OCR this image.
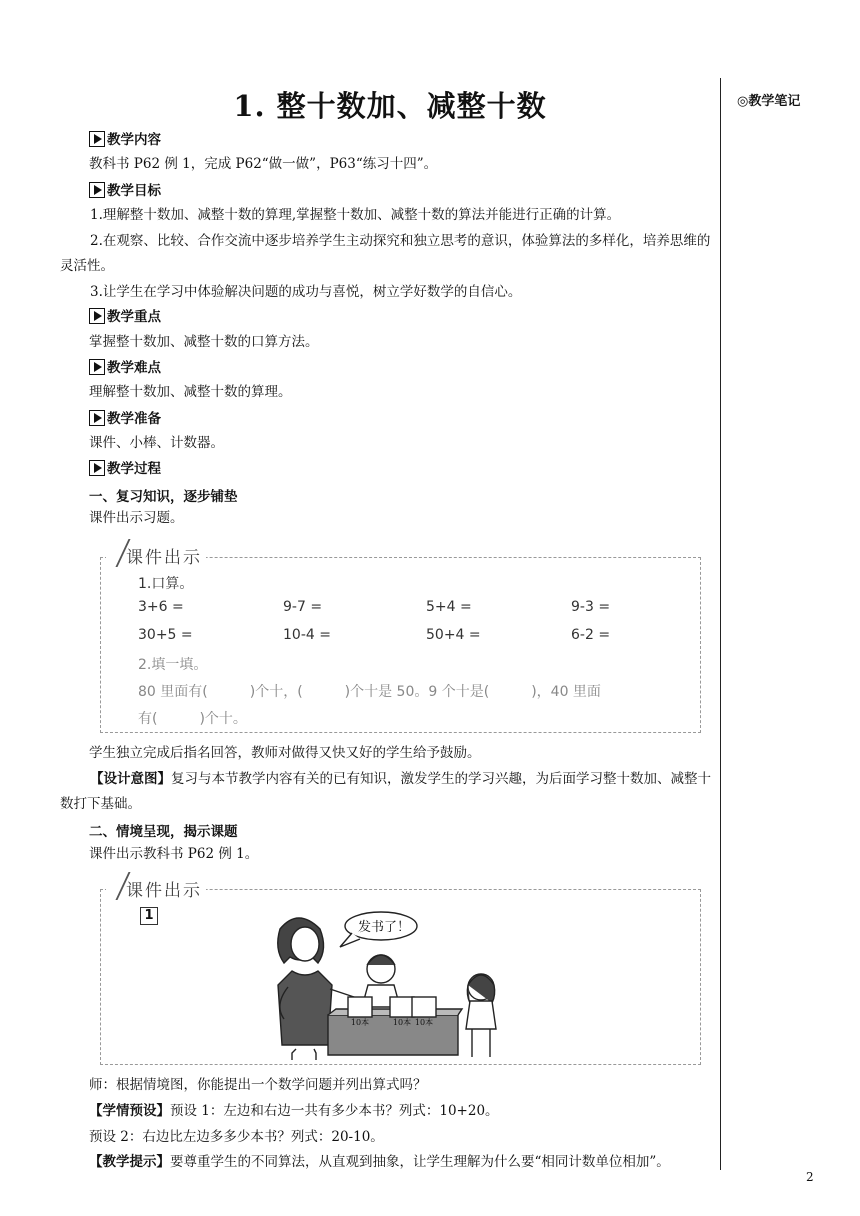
◎教学笔记
2
1. 整十数加、减整十数
教学内容

教科书 P62 例 1，完成 P62“做一做”，P63“练习十四”。

教学目标

1.理解整十数加、减整十数的算理,掌握整十数加、减整十数的算法并能进行正确的计算。

2.在观察、比较、合作交流中逐步培养学生主动探究和独立思考的意识，体验算法的多样化，培养思维的灵活性。

3.让学生在学习中体验解决问题的成功与喜悦，树立学好数学的自信心。

教学重点

掌握整十数加、减整十数的口算方法。

教学难点

理解整十数加、减整十数的算理。

教学准备

课件、小棒、计数器。

教学过程
一、复习知识，逐步铺垫

课件出示习题。

课件出示
1.口算。
3+6 =	9-7 =	5+4 =	9-3 =
30+5 =	10-4 =	50+4 =	6-2 =
2.填一填。
80 里面有(　　　)个十，(　　　)个十是 50。9 个十是(　　　)，40 里面
有(　　　)个十。

学生独立完成后指名回答，教师对做得又快又好的学生给予鼓励。

【设计意图】复习与本节教学内容有关的已有知识，激发学生的学习兴趣，为后面学习整十数加、减整十数打下基础。

二、情境呈现，揭示课题

课件出示教科书 P62 例 1。

课件出示
1
发书了！
10本	10本 10本

师：根据情境图，你能提出一个数学问题并列出算式吗？

【学情预设】预设 1：左边和右边一共有多少本书？列式：10+20。

预设 2：右边比左边多多少本书？列式：20-10。

【教学提示】要尊重学生的不同算法，从直观到抽象，让学生理解为什么要“相同计数单位相加”。
